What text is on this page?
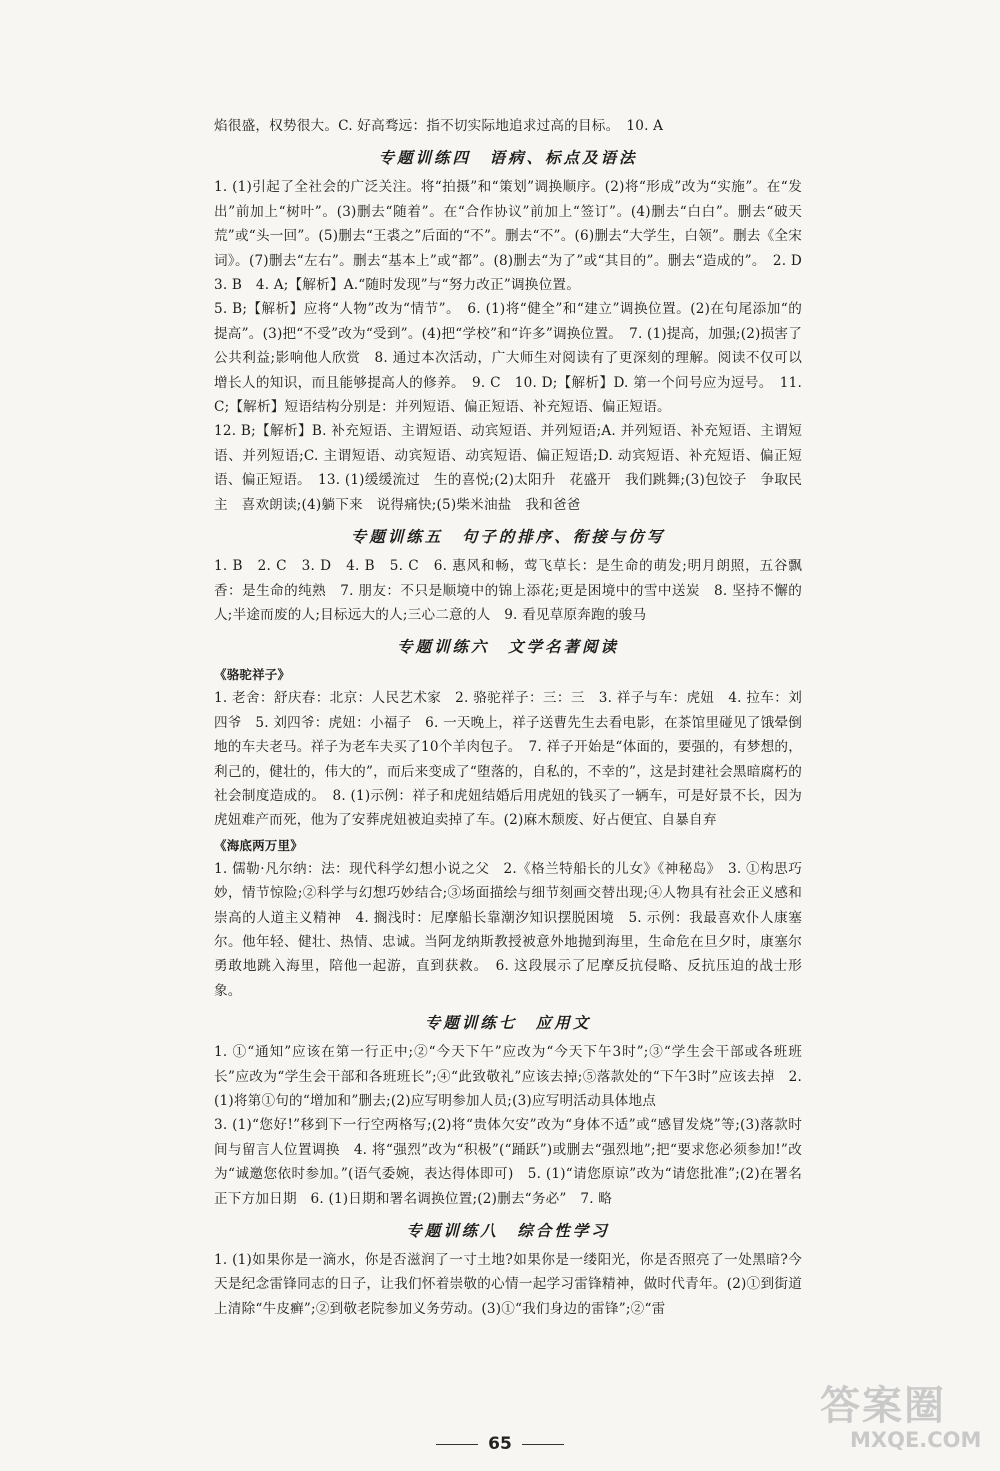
焰很盛，权势很大。C. 好高骛远：指不切实际地追求过高的目标。　10. A

专题训练四　语病、标点及语法

1. (1)引起了全社会的广泛关注。将“拍摄”和“策划”调换顺序。(2)将“形成”改为“实施”。在“发出”前加上“树叶”。(3)删去“随着”。在“合作协议”前加上“签订”。(4)删去“白白”。删去“破天荒”或“头一回”。(5)删去“王裘之”后面的“不”。删去“不”。(6)删去“大学生，白领”。删去《全宋词》。(7)删去“左右”。删去“基本上”或“都”。(8)删去“为了”或“其目的”。删去“造成的”。　2. D　3. B　4. A;【解析】A.“随时发现”与“努力改正”调换位置。

5. B;【解析】应将“人物”改为“情节”。　6. (1)将“健全”和“建立”调换位置。(2)在句尾添加“的提高”。(3)把“不受”改为“受到”。(4)把“学校”和“许多”调换位置。　7. (1)提高，加强;(2)损害了公共利益;影响他人欣赏　8. 通过本次活动，广大师生对阅读有了更深刻的理解。阅读不仅可以增长人的知识，而且能够提高人的修养。　9. C　10. D;【解析】D. 第一个问号应为逗号。　11. C;【解析】短语结构分别是：并列短语、偏正短语、补充短语、偏正短语。

12. B;【解析】B. 补充短语、主谓短语、动宾短语、并列短语;A. 并列短语、补充短语、主谓短语、并列短语;C. 主谓短语、动宾短语、动宾短语、偏正短语;D. 动宾短语、补充短语、偏正短语、偏正短语。　13. (1)缓缓流过　生的喜悦;(2)太阳升　花盛开　我们跳舞;(3)包饺子　争取民主　喜欢朗读;(4)躺下来　说得痛快;(5)柴米油盐　我和爸爸

专题训练五　句子的排序、衔接与仿写

1. B　2. C　3. D　4. B　5. C　6. 惠风和畅，莺飞草长：是生命的萌发;明月朗照，五谷飘香：是生命的纯熟　7. 朋友：不只是顺境中的锦上添花;更是困境中的雪中送炭　8. 坚持不懈的人;半途而废的人;目标远大的人;三心二意的人　9. 看见草原奔跑的骏马

专题训练六　文学名著阅读
《骆驼祥子》

1. 老舍：舒庆春：北京：人民艺术家　2. 骆驼祥子：三：三　3. 祥子与车：虎妞　4. 拉车：刘四爷　5. 刘四爷：虎妞：小福子　6. 一天晚上，祥子送曹先生去看电影，在茶馆里碰见了饿晕倒地的车夫老马。祥子为老车夫买了10个羊肉包子。　7. 祥子开始是“体面的，要强的，有梦想的，利己的，健壮的，伟大的”，而后来变成了“堕落的，自私的，不幸的”，这是封建社会黑暗腐朽的社会制度造成的。　8. (1)示例：祥子和虎妞结婚后用虎妞的钱买了一辆车，可是好景不长，因为虎妞难产而死，他为了安葬虎妞被迫卖掉了车。(2)麻木颓废、好占便宜、自暴自弃

《海底两万里》

1. 儒勒·凡尔纳：法：现代科学幻想小说之父　2.《格兰特船长的儿女》《神秘岛》　3. ①构思巧妙，情节惊险;②科学与幻想巧妙结合;③场面描绘与细节刻画交替出现;④人物具有社会正义感和崇高的人道主义精神　4. 搁浅时：尼摩船长靠潮汐知识摆脱困境　5. 示例：我最喜欢仆人康塞尔。他年轻、健壮、热情、忠诚。当阿龙纳斯教授被意外地抛到海里，生命危在旦夕时，康塞尔勇敢地跳入海里，陪他一起游，直到获救。　6. 这段展示了尼摩反抗侵略、反抗压迫的战士形象。

专题训练七　应用文

1. ①“通知”应该在第一行正中;②“今天下午”应改为“今天下午3时”;③“学生会干部或各班班长”应改为“学生会干部和各班班长”;④“此致敬礼”应该去掉;⑤落款处的“下午3时”应该去掉　2. (1)将第①句的“增加和”删去;(2)应写明参加人员;(3)应写明活动具体地点

3. (1)“您好!”移到下一行空两格写;(2)将“贵体欠安”改为“身体不适”或“感冒发烧”等;(3)落款时间与留言人位置调换　4. 将“强烈”改为“积极”(“踊跃”)或删去“强烈地”;把“要求您必须参加!”改为“诚邀您依时参加。”(语气委婉，表达得体即可)　5. (1)“请您原谅”改为“请您批准”;(2)在署名正下方加日期　6. (1)日期和署名调换位置;(2)删去“务必”　7. 略

专题训练八　综合性学习

1. (1)如果你是一滴水，你是否滋润了一寸土地?如果你是一缕阳光，你是否照亮了一处黑暗?今天是纪念雷锋同志的日子，让我们怀着崇敬的心情一起学习雷锋精神，做时代青年。(2)①到街道上清除“牛皮癣”;②到敬老院参加义务劳动。(3)①“我们身边的雷锋”;②“雷

65
答案圈
MXQE.COM
